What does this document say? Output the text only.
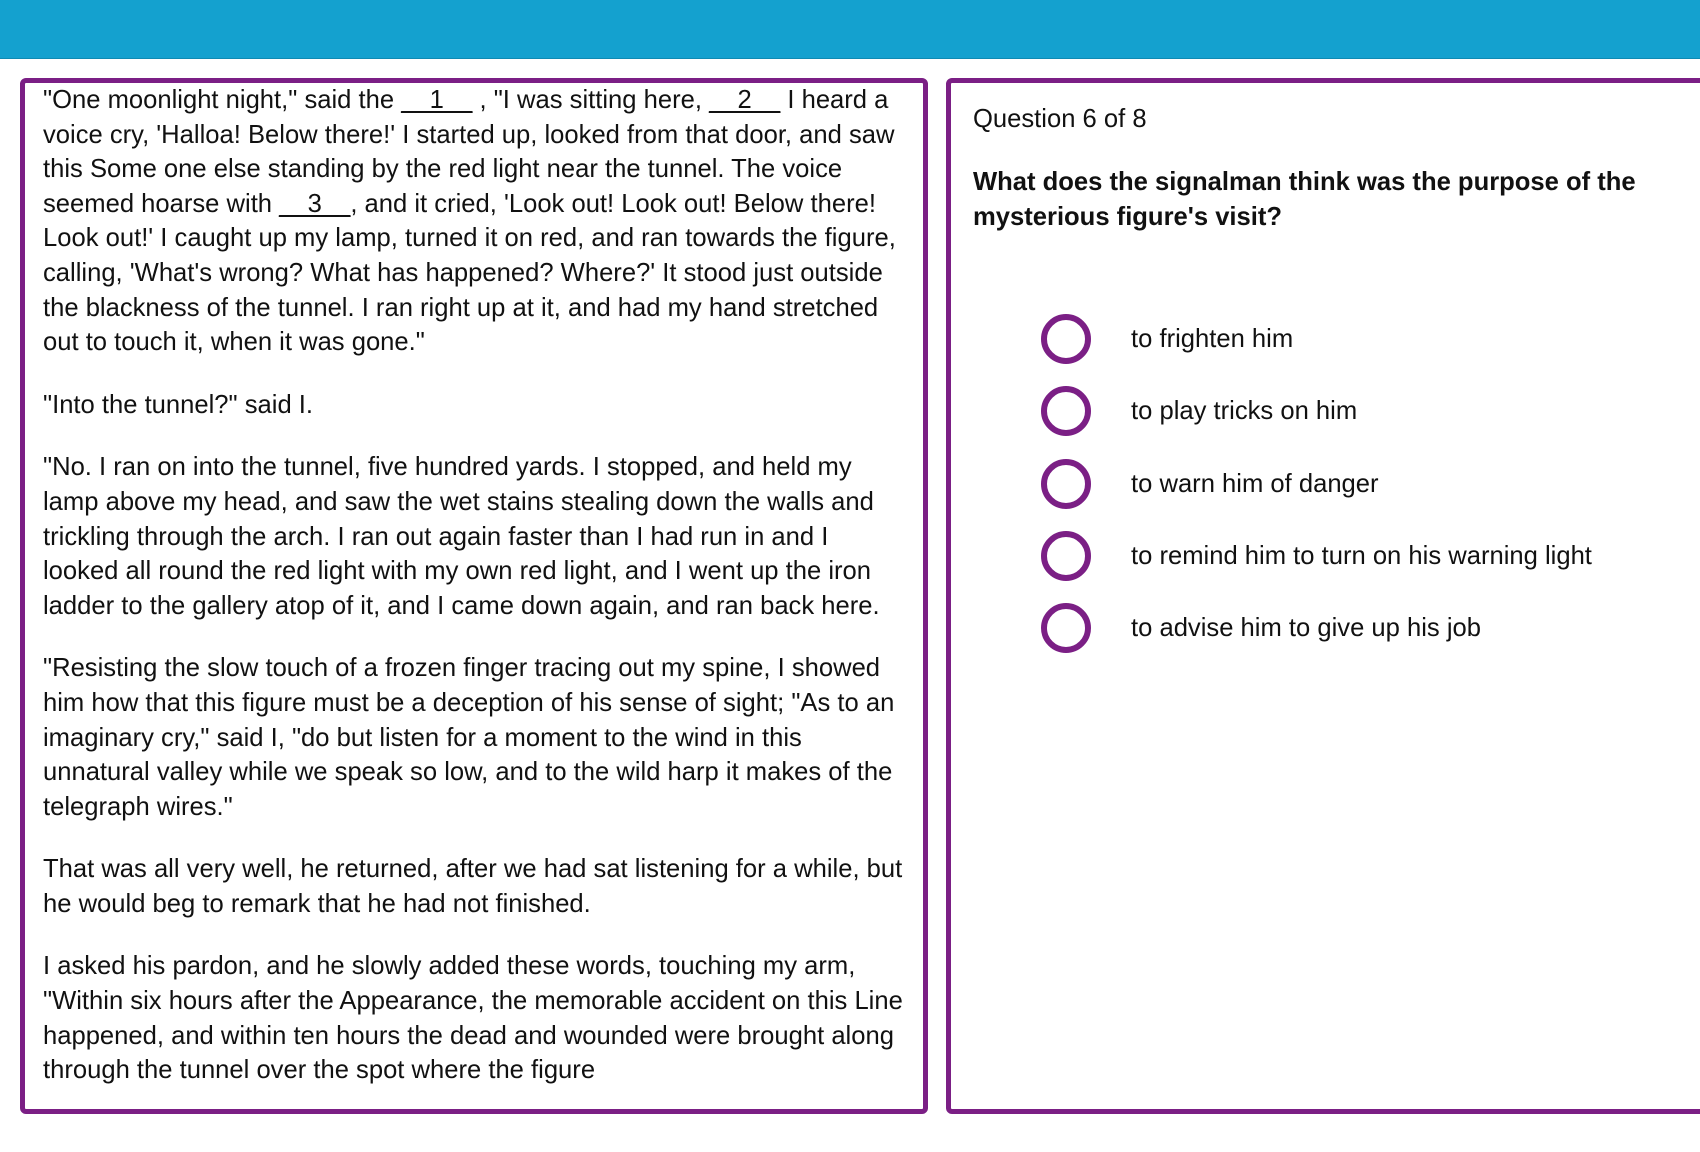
"One moonlight night," said the __1__ , "I was sitting here, __2__ I heard a voice cry, 'Halloa! Below there!' I started up, looked from that door, and saw this Some one else standing by the red light near the tunnel. The voice seemed hoarse with __3__, and it cried, 'Look out! Look out! Below there! Look out!' I caught up my lamp, turned it on red, and ran towards the figure, calling, 'What's wrong? What has happened? Where?' It stood just outside the blackness of the tunnel. I ran right up at it, and had my hand stretched out to touch it, when it was gone."

"Into the tunnel?" said I.

"No. I ran on into the tunnel, five hundred yards. I stopped, and held my lamp above my head, and saw the wet stains stealing down the walls and trickling through the arch. I ran out again faster than I had run in and I looked all round the red light with my own red light, and I went up the iron ladder to the gallery atop of it, and I came down again, and ran back here.

"Resisting the slow touch of a frozen finger tracing out my spine, I showed him how that this figure must be a deception of his sense of sight; "As to an imaginary cry," said I, "do but listen for a moment to the wind in this unnatural valley while we speak so low, and to the wild harp it makes of the telegraph wires."

That was all very well, he returned, after we had sat listening for a while, but he would beg to remark that he had not finished.

I asked his pardon, and he slowly added these words, touching my arm, "Within six hours after the Appearance, the memorable accident on this Line happened, and within ten hours the dead and wounded were brought along through the tunnel over the spot where the figure

Question 6 of 8
What does the signalman think was the purpose of the mysterious figure's visit?
to frighten him
to play tricks on him
to warn him of danger
to remind him to turn on his warning light
to advise him to give up his job
